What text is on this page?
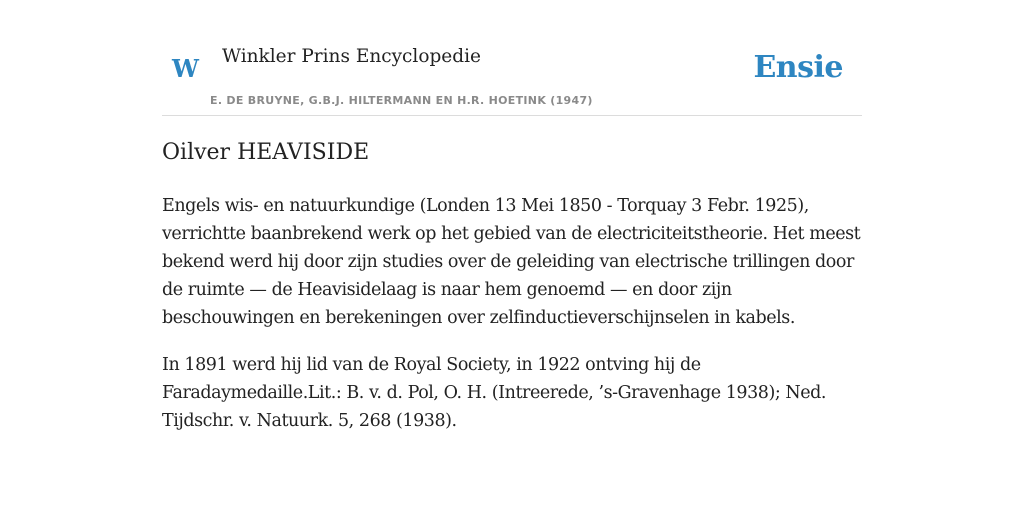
W Winkler Prins Encyclopedie
E. DE BRUYNE, G.B.J. HILTERMANN EN H.R. HOETINK (1947)
Ensie
Oilver HEAVISIDE

Engels wis- en natuurkundige (Londen 13 Mei 1850 - Torquay 3 Febr. 1925), verrichtte baanbrekend werk op het gebied van de electriciteitstheorie. Het meest bekend werd hij door zijn studies over de geleiding van electrische trillingen door de ruimte — de Heavisidelaag is naar hem genoemd — en door zijn beschouwingen en berekeningen over zelfinductieverschijnselen in kabels.

In 1891 werd hij lid van de Royal Society, in 1922 ontving hij de Faradaymedaille.Lit.: B. v. d. Pol, O. H. (Intreerede, ’s-Gravenhage 1938); Ned. Tijdschr. v. Natuurk. 5, 268 (1938).
